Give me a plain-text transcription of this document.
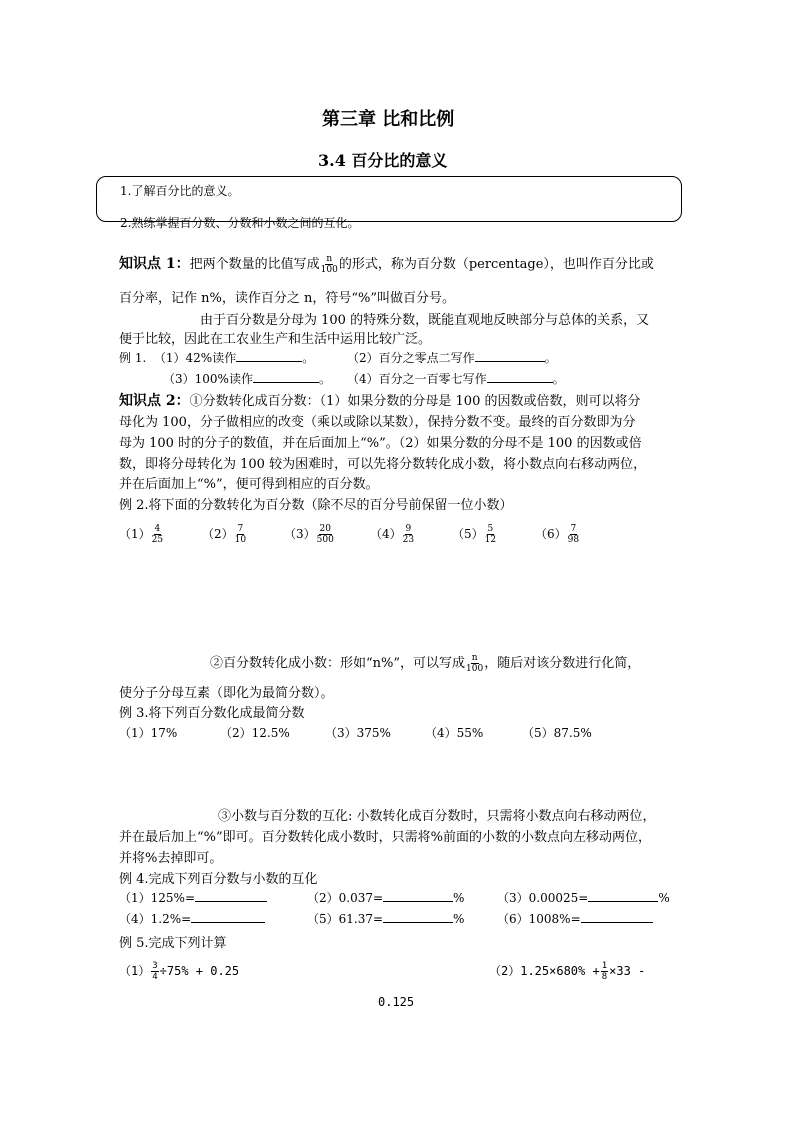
第三章 比和比例
3.4 百分比的意义
1.了解百分比的意义。
2.熟练掌握百分数、分数和小数之间的互化。
知识点 1：把两个数量的比值写成 $\frac{n}{100}$ 的形式，称为百分数（percentage），也叫作百分比或
百分率，记作 n%，读作百分之 n，符号“%”叫做百分号。
由于百分数是分母为 100 的特殊分数，既能直观地反映部分与总体的关系，又
便于比较，因此在工农业生产和生活中运用比较广泛。
例 1. （1）42%读作	。	（2）百分之零点二写作	。
（3）100%读作	。 （4）百分之一百零七写作	。
知识点 2：①分数转化成百分数：（1）如果分数的分母是 100 的因数或倍数，则可以将分
母化为 100，分子做相应的改变（乘以或除以某数），保持分数不变。最终的百分数即为分
母为 100 时的分子的数值，并在后面加上“%”。（2）如果分数的分母不是 100 的因数或倍
数，即将分母转化为 100 较为困难时，可以先将分数转化成小数，将小数点向右移动两位，
并在后面加上“%”，便可得到相应的百分数。
例 2.将下面的分数转化为百分数（除不尽的百分号前保留一位小数）
$(1) \frac{4}{25}$	$(2) \frac{7}{10}$	$(3) \frac{20}{500}$	$(4) \frac{9}{23}$	$(5) \frac{5}{12}$	$(6) \frac{7}{98}$
②百分数转化成小数：形如“n%”，可以写成 $\frac{n}{100}$ ，随后对该分数进行化简，
使分子分母互素（即化为最简分数）。
例 3.将下列百分数化成最简分数
（1）17%	（2）12.5%	（3）375%	（4）55%	（5）87.5%
③小数与百分数的互化: 小数转化成百分数时，只需将小数点向右移动两位，
并在最后加上“%”即可。百分数转化成小数时，只需将%前面的小数的小数点向左移动两位，
并将%去掉即可。
例 4.完成下列百分数与小数的互化
（1）125%=	（2）0.037=	%	（3）0.00025=	%
（4）1.2%=	（5）61.37=	%	（6）1008%=
例 5.完成下列计算
$(1) \frac{3}{4} \div 75\% + 0.25$	$(2)1.25\times 680\% + \frac{1}{8} \times 33$ -
0.125
